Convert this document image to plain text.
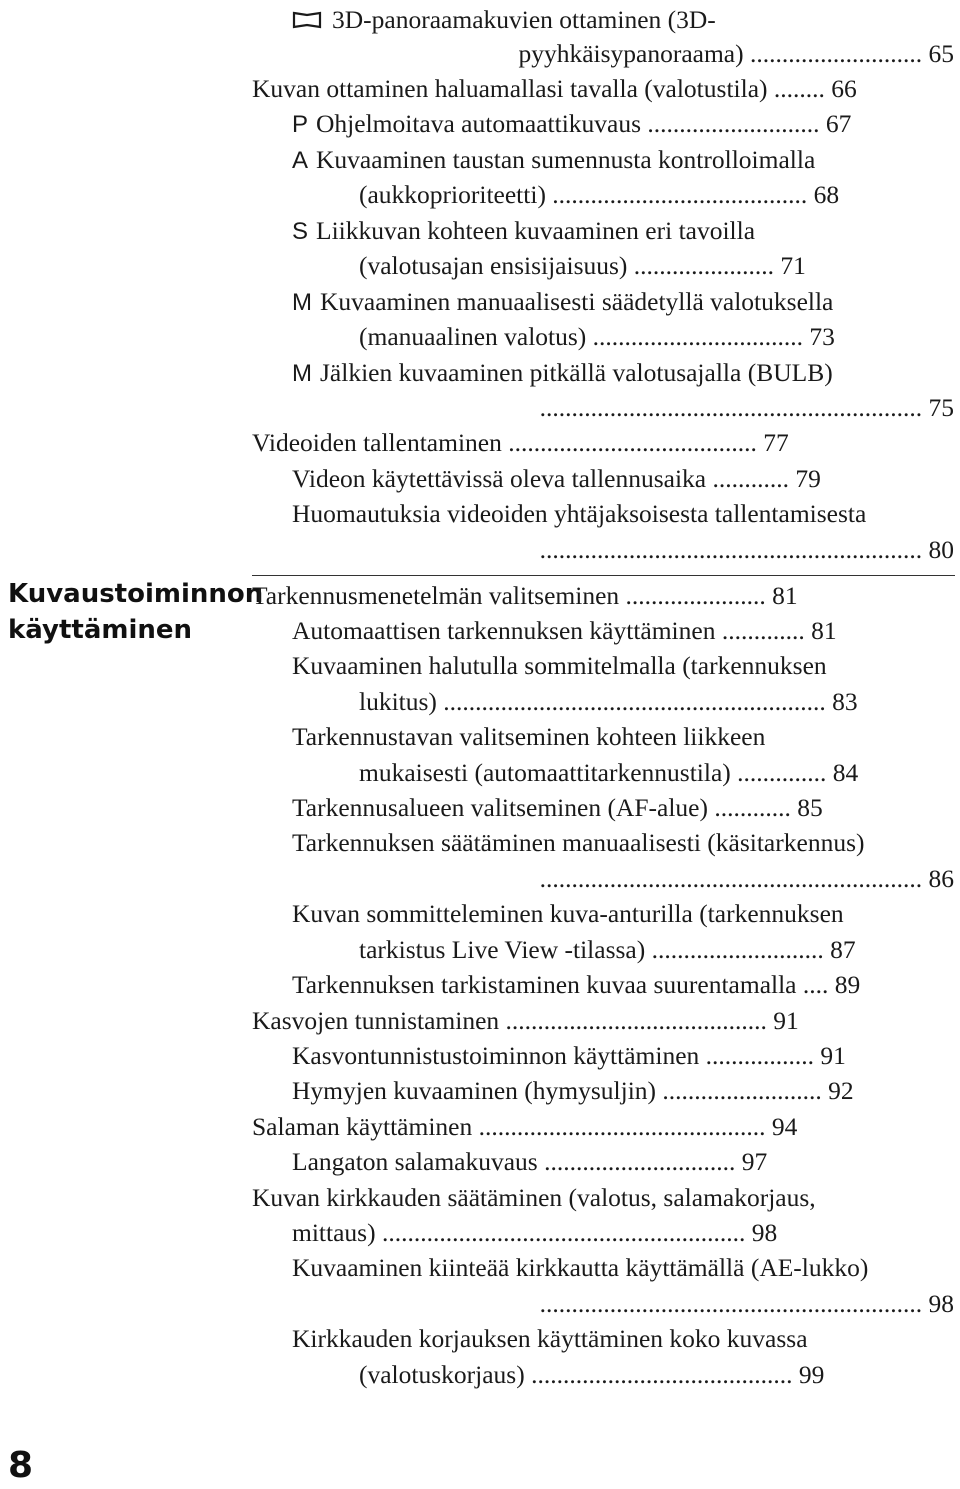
Kuvaustoiminnon
käyttäminen
3D-panoraamakuvien ottaminen (3D-
pyyhkäisypanoraama) ........................... 65
Kuvan ottaminen haluamallasi tavalla (valotustila) ........ 66
P Ohjelmoitava automaattikuvaus ........................... 67
A Kuvaaminen taustan sumennusta kontrolloimalla
(aukkoprioriteetti) ........................................ 68
S Liikkuvan kohteen kuvaaminen eri tavoilla
(valotusajan ensisijaisuus) ...................... 71
M Kuvaaminen manuaalisesti säädetyllä valotuksella
(manuaalinen valotus) ................................. 73
M Jälkien kuvaaminen pitkällä valotusajalla (BULB)
............................................................ 75
Videoiden tallentaminen ....................................... 77
Videon käytettävissä oleva tallennusaika ............ 79
Huomautuksia videoiden yhtäjaksoisesta tallentamisesta
............................................................ 80
Tarkennusmenetelmän valitseminen ...................... 81
Automaattisen tarkennuksen käyttäminen ............. 81
Kuvaaminen halutulla sommitelmalla (tarkennuksen
lukitus) ............................................................ 83
Tarkennustavan valitseminen kohteen liikkeen
mukaisesti (automaattitarkennustila) .............. 84
Tarkennusalueen valitseminen (AF-alue) ............ 85
Tarkennuksen säätäminen manuaalisesti (käsitarkennus)
............................................................ 86
Kuvan sommitteleminen kuva-anturilla (tarkennuksen
tarkistus Live View -tilassa) ........................... 87
Tarkennuksen tarkistaminen kuvaa suurentamalla .... 89
Kasvojen tunnistaminen ......................................... 91
Kasvontunnistustoiminnon käyttäminen ................. 91
Hymyjen kuvaaminen (hymysuljin) ......................... 92
Salaman käyttäminen ............................................. 94
Langaton salamakuvaus .............................. 97
Kuvan kirkkauden säätäminen (valotus, salamakorjaus,
mittaus) ......................................................... 98
Kuvaaminen kiinteää kirkkautta käyttämällä (AE-lukko)
............................................................ 98
Kirkkauden korjauksen käyttäminen koko kuvassa
(valotuskorjaus) ......................................... 99
8
